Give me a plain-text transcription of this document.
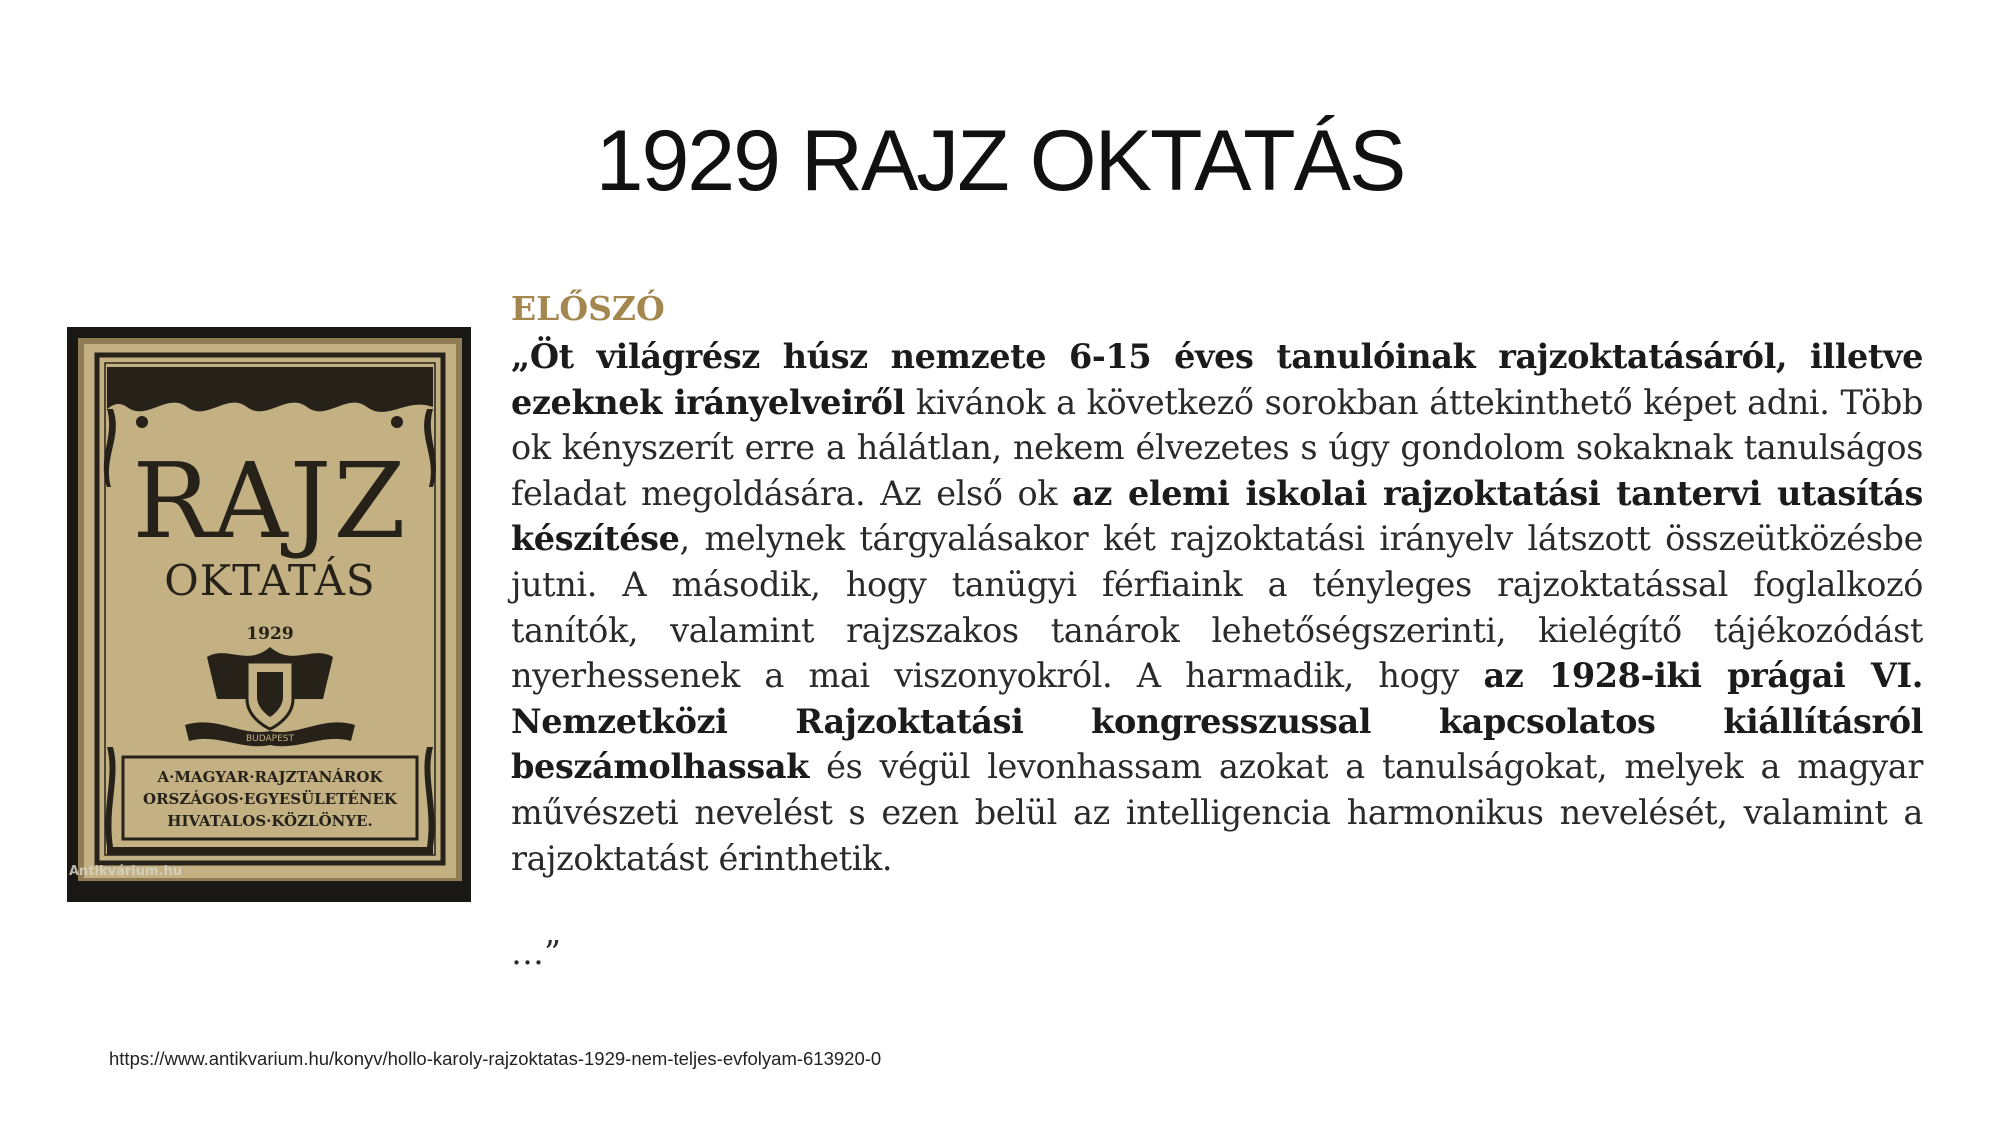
1929 RAJZ OKTATÁS
RAJZ
OKTATÁS
1929
BUDAPEST
A·MAGYAR·RAJZTANÁROK
ORSZÁGOS·EGYESÜLETÉNEK
HIVATALOS·KÖZLÖNYE.
Antikvárium.hu
ELŐSZÓ
„Öt világrész húsz nemzete 6-15 éves tanulóinak rajzoktatásáról, illetve ezeknek irányelveiről kivánok a következő sorokban áttekinthető képet adni. Több ok kényszerít erre a hálátlan, nekem élvezetes s úgy gondolom sokaknak tanulságos feladat megoldására. Az első ok az elemi iskolai rajzoktatási tantervi utasítás készítése, melynek tárgyalásakor két rajzoktatási irányelv látszott összeütközésbe jutni. A második, hogy tanügyi férfiaink a tényleges rajzoktatással foglalkozó tanítók, valamint rajzszakos tanárok lehetőségszerinti, kielégítő tájékozódást nyerhessenek a mai viszonyokról. A harmadik, hogy az 1928-iki prágai VI. Nemzetközi Rajzoktatási kongresszussal kapcsolatos kiállításról beszámolhassak és végül levonhassam azokat a tanulságokat, melyek a magyar művészeti nevelést s ezen belül az intelligencia harmonikus nevelését, valamint a rajzoktatást érinthetik.
…”
https://www.antikvarium.hu/konyv/hollo-karoly-rajzoktatas-1929-nem-teljes-evfolyam-613920-0
